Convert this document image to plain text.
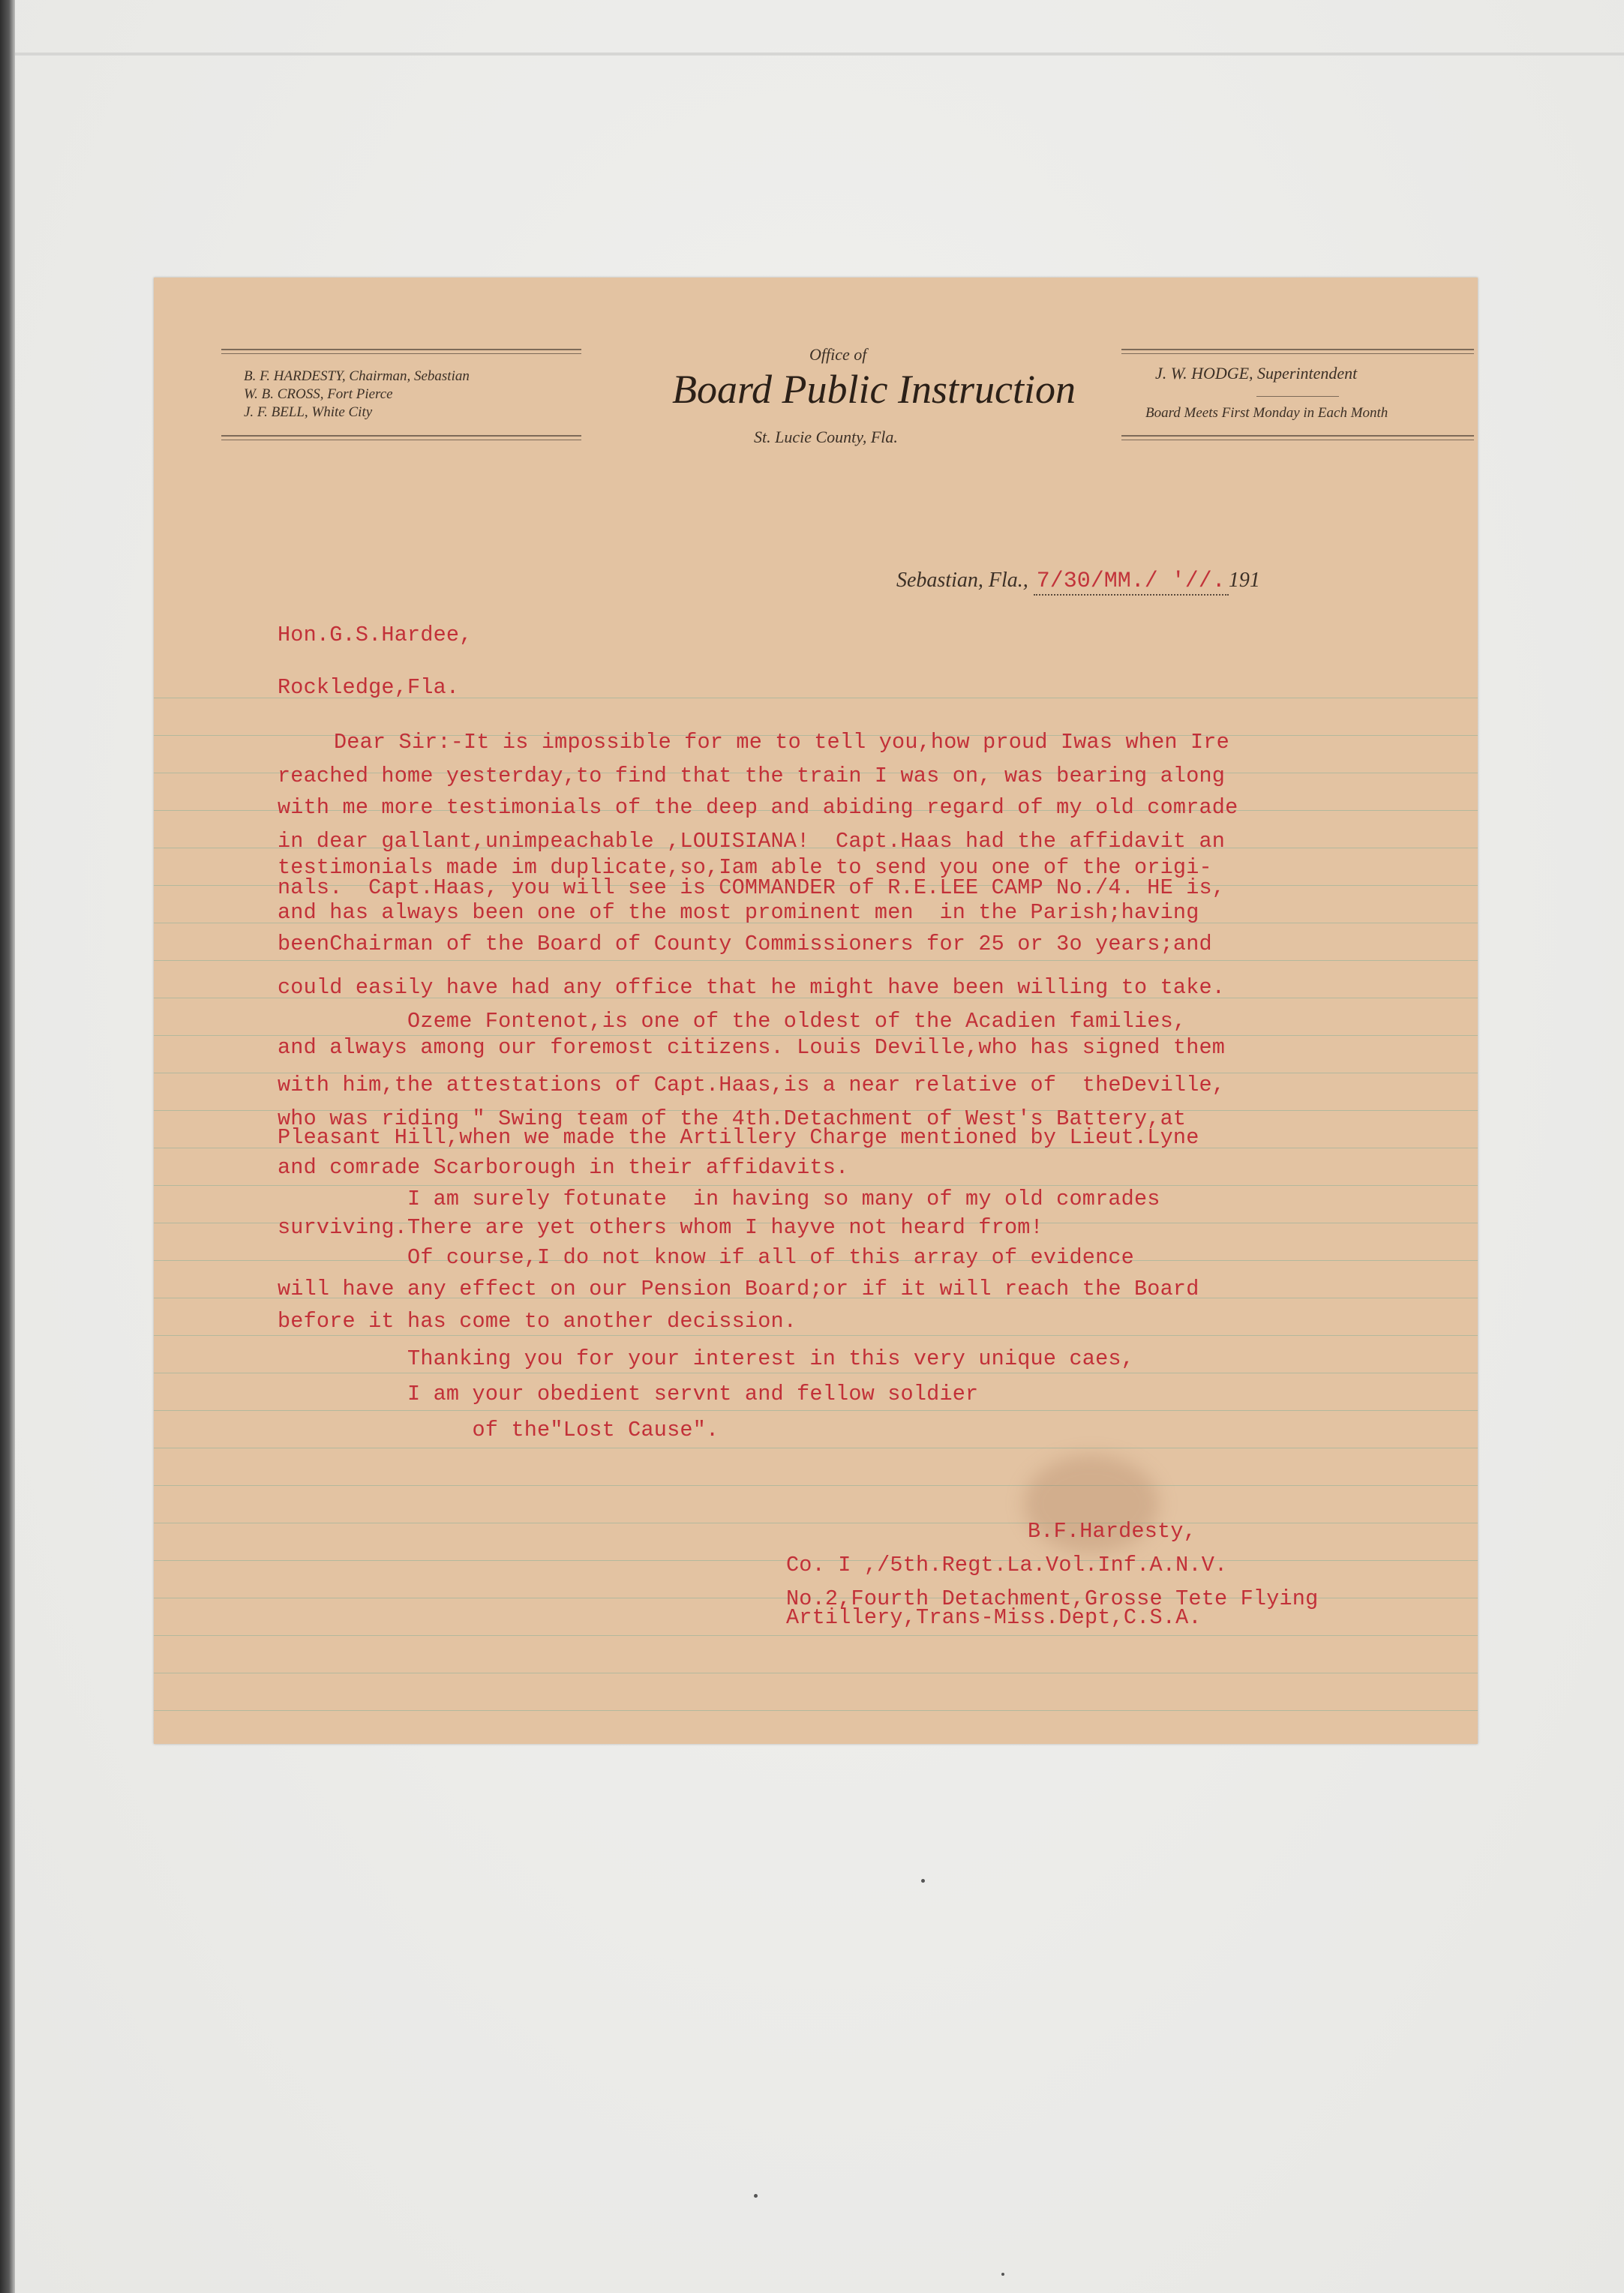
B. F. HARDESTY, Chairman, Sebastian
W. B. CROSS, Fort Pierce
J. F. BELL, White City
Office of
Board Public Instruction
St. Lucie County, Fla.
J. W. HODGE, Superintendent
Board Meets First Monday in Each Month
Sebastian, Fla., 7/30/MM./ '//. 191
Hon.G.S.Hardee,
Rockledge,Fla.
Dear Sir:-It is impossible for me to tell you,how proud Iwas when Ire
reached home yesterday,to find that the train I was on, was bearing along
with me more testimonials of the deep and abiding regard of my old comrade
in dear gallant,unimpeachable ,LOUISIANA!  Capt.Haas had the affidavit an
testimonials made im duplicate,so,Iam able to send you one of the origi-
nals.  Capt.Haas, you will see is COMMANDER of R.E.LEE CAMP No./4. HE is,
and has always been one of the most prominent men  in the Parish;having
beenChairman of the Board of County Commissioners for 25 or 3o years;and
could easily have had any office that he might have been willing to take.
Ozeme Fontenot,is one of the oldest of the Acadien families,
and always among our foremost citizens. Louis Deville,who has signed them
with him,the attestations of Capt.Haas,is a near relative of  theDeville,
who was riding " Swing team of the 4th.Detachment of West's Battery,at
Pleasant Hill,when we made the Artillery Charge mentioned by Lieut.Lyne
and comrade Scarborough in their affidavits.
I am surely fotunate  in having so many of my old comrades
surviving.There are yet others whom I hayve not heard from!
Of course,I do not know if all of this array of evidence
will have any effect on our Pension Board;or if it will reach the Board
before it has come to another decission.
Thanking you for your interest in this very unique caes,
I am your obedient servnt and fellow soldier
of the"Lost Cause".
B.F.Hardesty,
Co. I ,/5th.Regt.La.Vol.Inf.A.N.V.
No.2,Fourth Detachment,Grosse Tete Flying
Artillery,Trans-Miss.Dept,C.S.A.
